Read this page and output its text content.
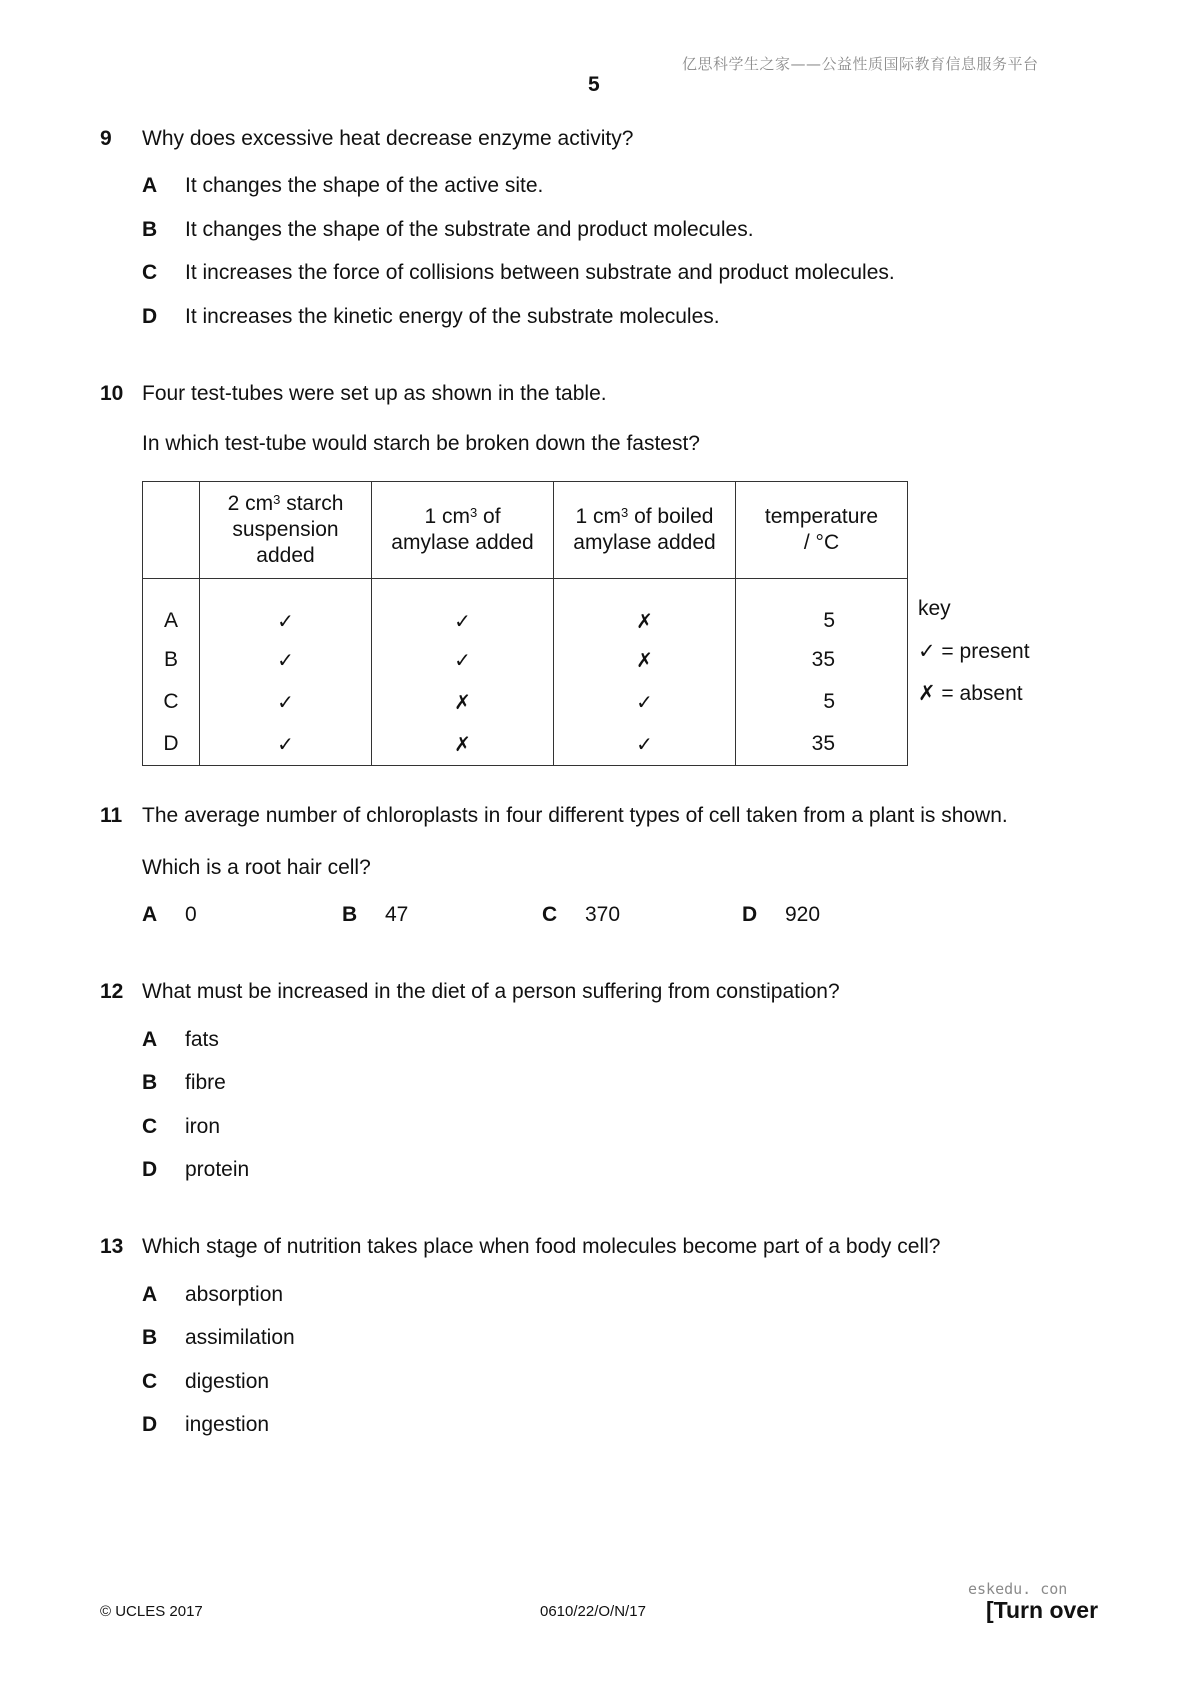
亿思科学生之家——公益性质国际教育信息服务平台
5
9 Why does excessive heat decrease enzyme activity?
A It changes the shape of the active site.
B It changes the shape of the substrate and product molecules.
C It increases the force of collisions between substrate and product molecules.
D It increases the kinetic energy of the substrate molecules.
10 Four test-tubes were set up as shown in the table.
In which test-tube would starch be broken down the fastest?
	2 $cm^3$ starch
suspension
added	1 $cm^3$ of
amylase added	1 $cm^3$ of boiled
amylase added	temperature
/ °C
A	✓	✓	✗	5
B	✓	✓	✗	35
C	✓	✗	✓	5
D	✓	✗	✓	35
key
✓ = present
✗ = absent
11 The average number of chloroplasts in four different types of cell taken from a plant is shown.
Which is a root hair cell?
A 0	B 47	C 370	D 920
12 What must be increased in the diet of a person suffering from constipation?
A fats
B fibre
C iron
D protein
13 Which stage of nutrition takes place when food molecules become part of a body cell?
A absorption
B assimilation
C digestion
D ingestion
eskedu. con
© UCLES 2017	0610/22/O/N/17	[Turn over
